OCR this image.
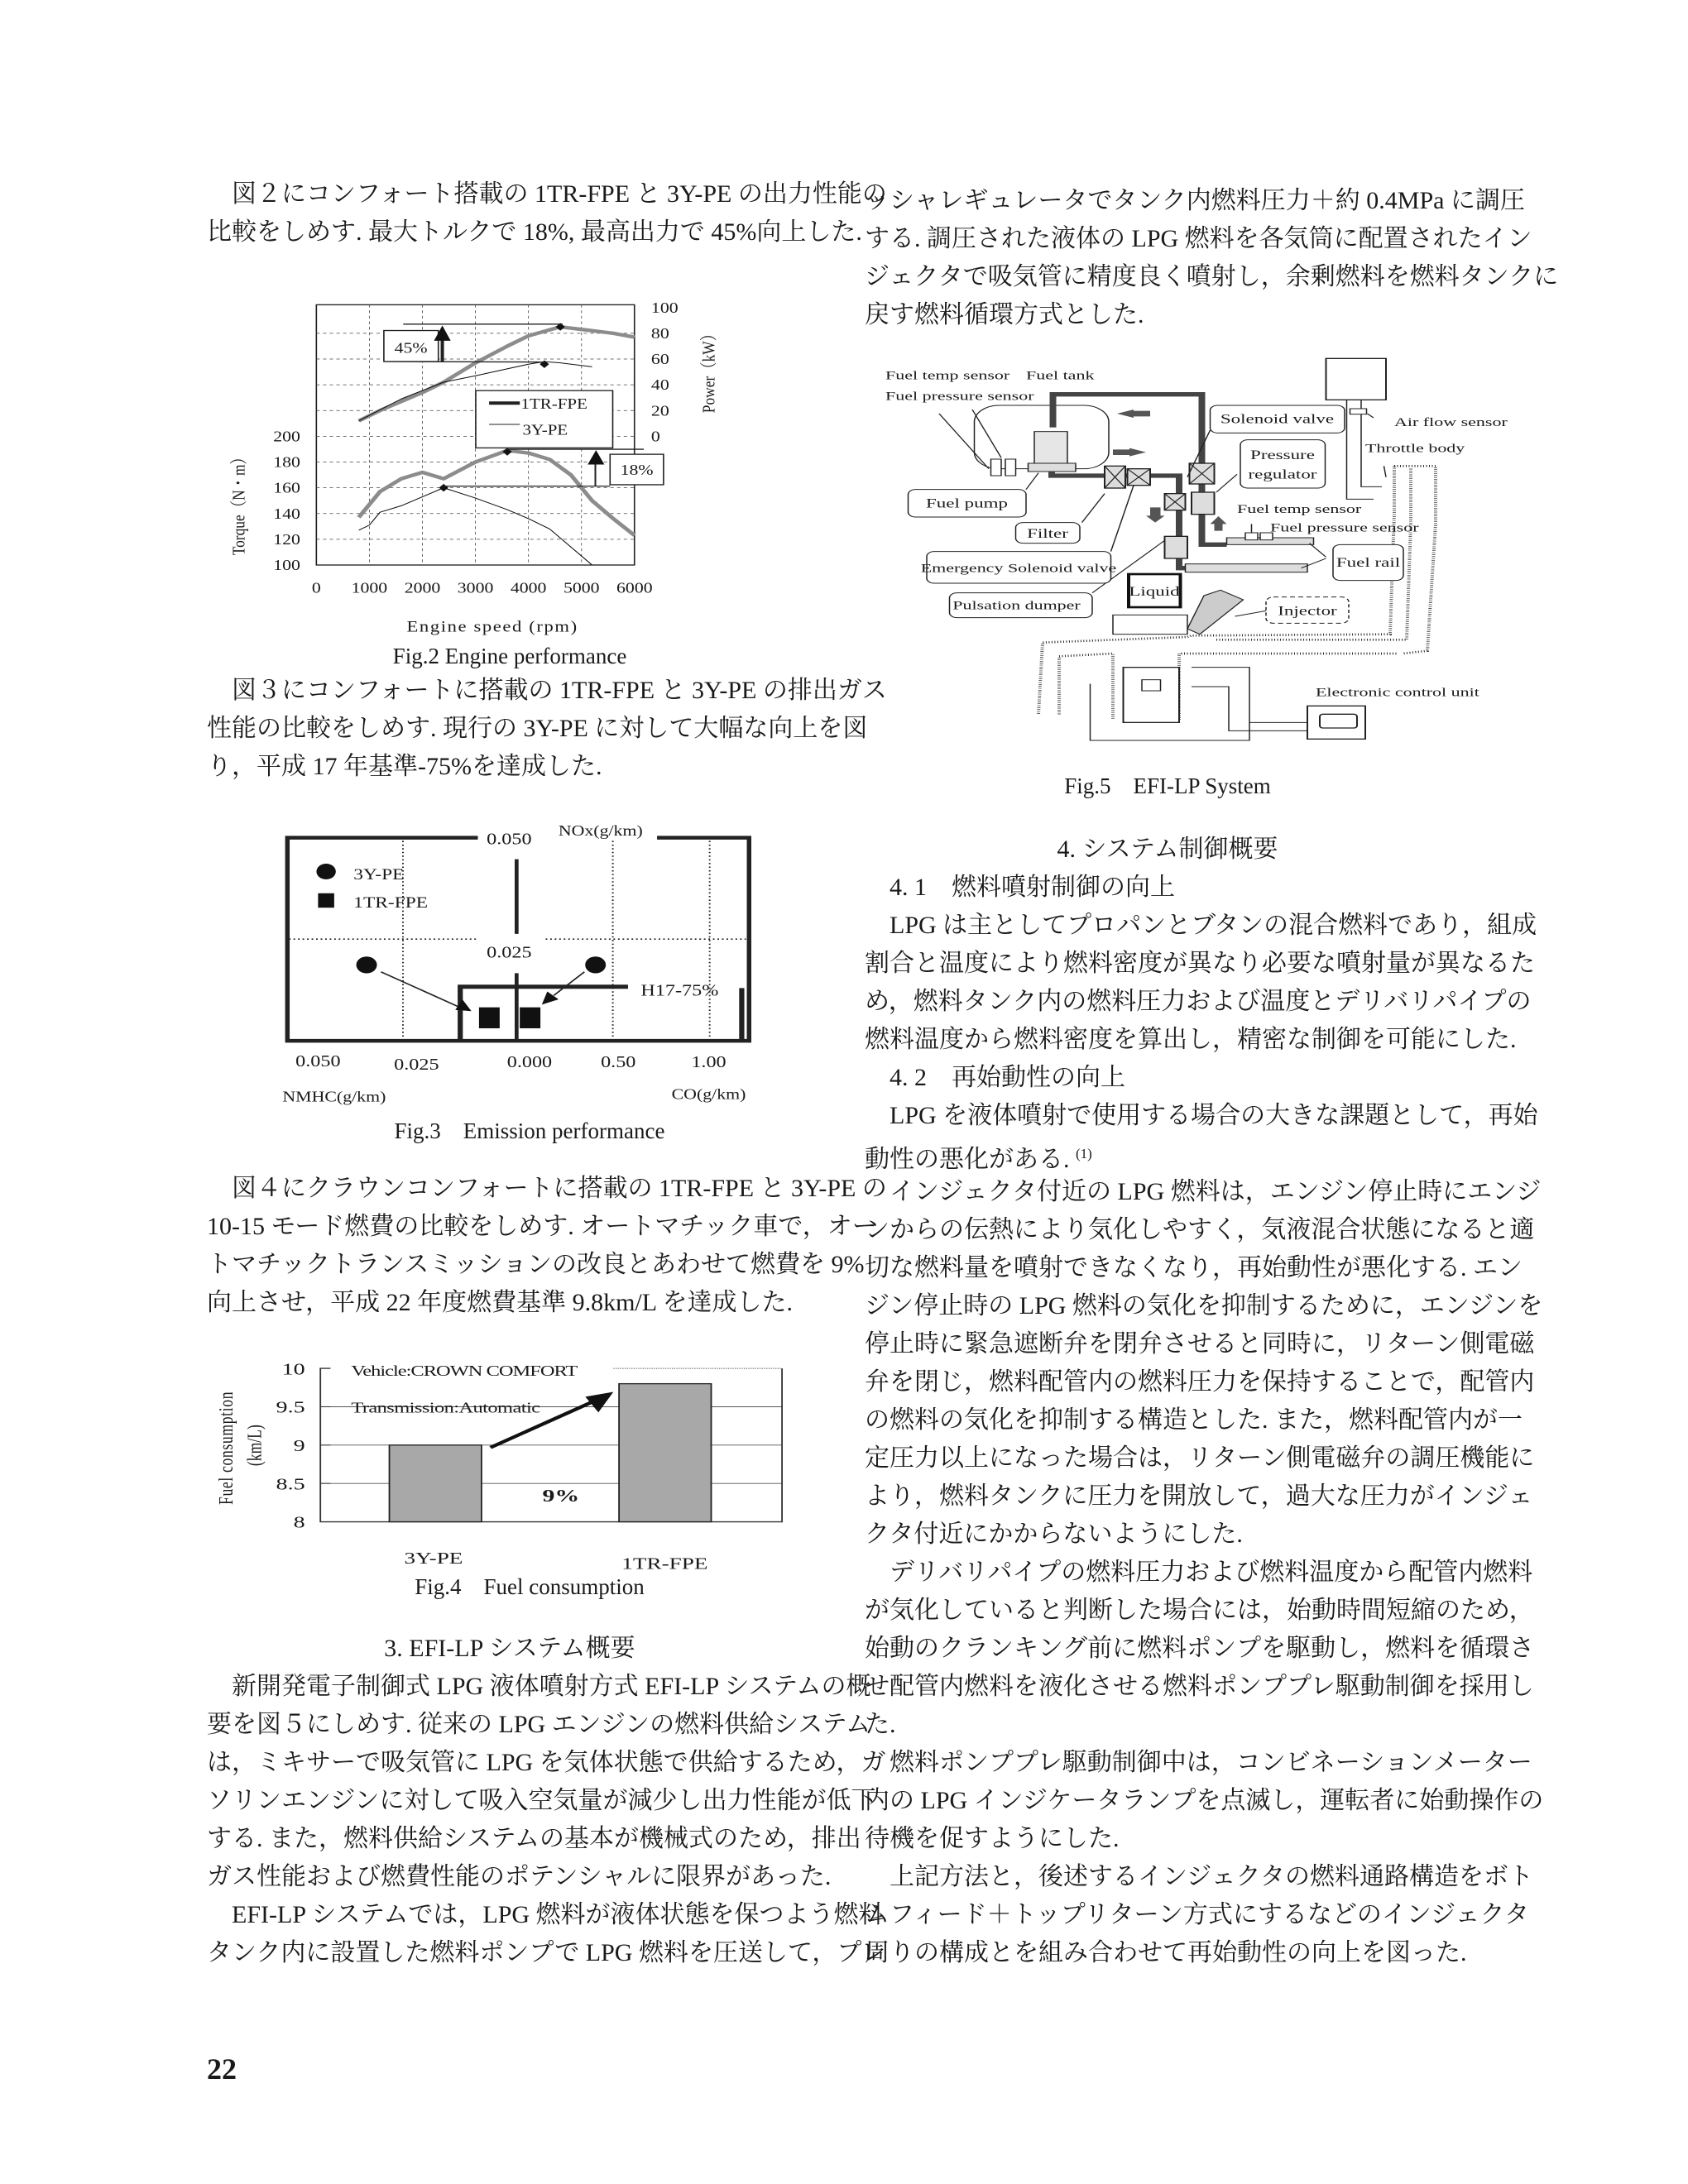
図２にコンフォート搭載の 1TR-FPE と 3Y-PE の出力性能の
比較をしめす. 最大トルクで 18%, 最高出力で 45%向上した.
100
120
140
160
180
200	0
20
40
60
80
100
0 1000 2000 3000 4000 5000 6000
Engine speed (rpm)
Torque（N・m）
Power（kW）
1TR-FPE
3Y-PE
45%
18%
Fig.2 Engine performance
図３にコンフォートに搭載の 1TR-FPE と 3Y-PE の排出ガス
性能の比較をしめす. 現行の 3Y-PE に対して大幅な向上を図
り，平成 17 年基準-75%を達成した.
0.050 NOx(g/km)
0.025
H17-75%
3Y-PE
1TR-FPE
0.050 0.025 0.000 0.50 1.00
NMHC(g/km)	CO(g/km)
Fig.3　Emission performance
図４にクラウンコンフォートに搭載の 1TR-FPE と 3Y-PE の
10-15 モード燃費の比較をしめす. オートマチック車で，オー
トマチックトランスミッションの改良とあわせて燃費を 9%
向上させ，平成 22 年度燃費基準 9.8km/L を達成した.
8
8.5
9
9.5
10
Fuel consumption (km/L)
Vehicle:CROWN COMFORT
Transmission:Automatic
9%
3Y-PE	1TR-FPE
Fig.4　Fuel consumption
3. EFI-LP システム概要
新開発電子制御式 LPG 液体噴射方式 EFI-LP システムの概
要を図５にしめす. 従来の LPG エンジンの燃料供給システム
は，ミキサーで吸気管に LPG を気体状態で供給するため，ガ
ソリンエンジンに対して吸入空気量が減少し出力性能が低下
する. また，燃料供給システムの基本が機械式のため，排出
ガス性能および燃費性能のポテンシャルに限界があった.
EFI-LP システムでは，LPG 燃料が液体状態を保つよう燃料
タンク内に設置した燃料ポンプで LPG 燃料を圧送して，プレ
ッシャレギュレータでタンク内燃料圧力＋約 0.4MPa に調圧
する. 調圧された液体の LPG 燃料を各気筒に配置されたイン
ジェクタで吸気管に精度良く噴射し，余剰燃料を燃料タンクに
戻す燃料循環方式とした.
Fuel temp sensor Fuel tank
Fuel pressure sensor
Solenoid valve Air flow sensor
Throttle body
Pressure
regulator
Fuel pump	Fuel temp sensor
Fuel pressure sensor
Filter
Emergency Solenoid valve	Fuel rail
Liquid
Pulsation dumper	Injector
Electronic control unit
Fig.5　EFI-LP System
4. システム制御概要
4. 1　燃料噴射制御の向上
LPG は主としてプロパンとブタンの混合燃料であり，組成
割合と温度により燃料密度が異なり必要な噴射量が異なるた
め，燃料タンク内の燃料圧力および温度とデリバリパイプの
燃料温度から燃料密度を算出し，精密な制御を可能にした.
4. 2　再始動性の向上
LPG を液体噴射で使用する場合の大きな課題として，再始
動性の悪化がある. $^{(1)}$
インジェクタ付近の LPG 燃料は，エンジン停止時にエンジ
ンからの伝熱により気化しやすく，気液混合状態になると適
切な燃料量を噴射できなくなり，再始動性が悪化する. エン
ジン停止時の LPG 燃料の気化を抑制するために，エンジンを
停止時に緊急遮断弁を閉弁させると同時に，リターン側電磁
弁を閉じ，燃料配管内の燃料圧力を保持することで，配管内
の燃料の気化を抑制する構造とした. また，燃料配管内が一
定圧力以上になった場合は，リターン側電磁弁の調圧機能に
より，燃料タンクに圧力を開放して，過大な圧力がインジェ
クタ付近にかからないようにした.
デリバリパイプの燃料圧力および燃料温度から配管内燃料
が気化していると判断した場合には，始動時間短縮のため，
始動のクランキング前に燃料ポンプを駆動し，燃料を循環さ
せ配管内燃料を液化させる燃料ポンププレ駆動制御を採用し
た.
燃料ポンププレ駆動制御中は，コンビネーションメーター
内の LPG インジケータランプを点滅し，運転者に始動操作の
待機を促すようにした.
上記方法と，後述するインジェクタの燃料通路構造をボト
ムフィード＋トップリターン方式にするなどのインジェクタ
周りの構成とを組み合わせて再始動性の向上を図った.
22
